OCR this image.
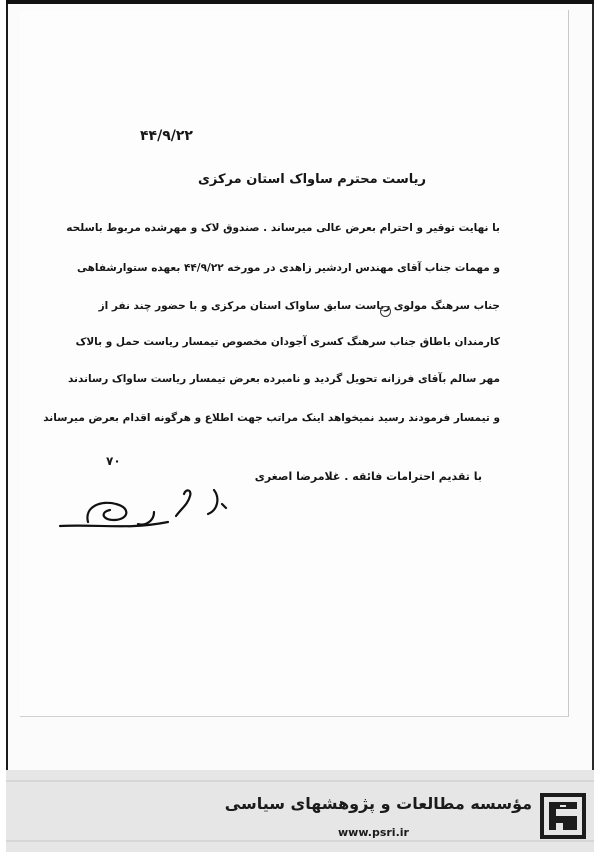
۴۴/۹/۲۲
ریاست محترم ساواک استان مرکزی
با نهایت توقیر و احترام بعرض عالی میرساند . صندوق لاک و مهرشده مربوط باسلحه
و مهمات جناب آقای مهندس اردشیر زاهدی در مورخه ۴۴/۹/۲۲ بعهده ستوارشفاهی
جناب سرهنگ مولوی ریاست سابق ساواک استان مرکزی و با حضور چند نفر از
کارمندان باطاق جناب سرهنگ کسری آجودان مخصوص تیمسار ریاست حمل و بالاک
مهر سالم بآقای فرزانه تحویل گردید و نامبرده بعرض تیمسار ریاست ساواک رساندند
و تیمسار فرمودند رسید نمیخواهد اینک مراتب جهت اطلاع و هرگونه اقدام بعرض میرساند
۷۰
با تقدیم احترامات فائقه . غلامرضا اصغری
مؤسسه مطالعات و پژوهشهای سیاسی
www.psri.ir
